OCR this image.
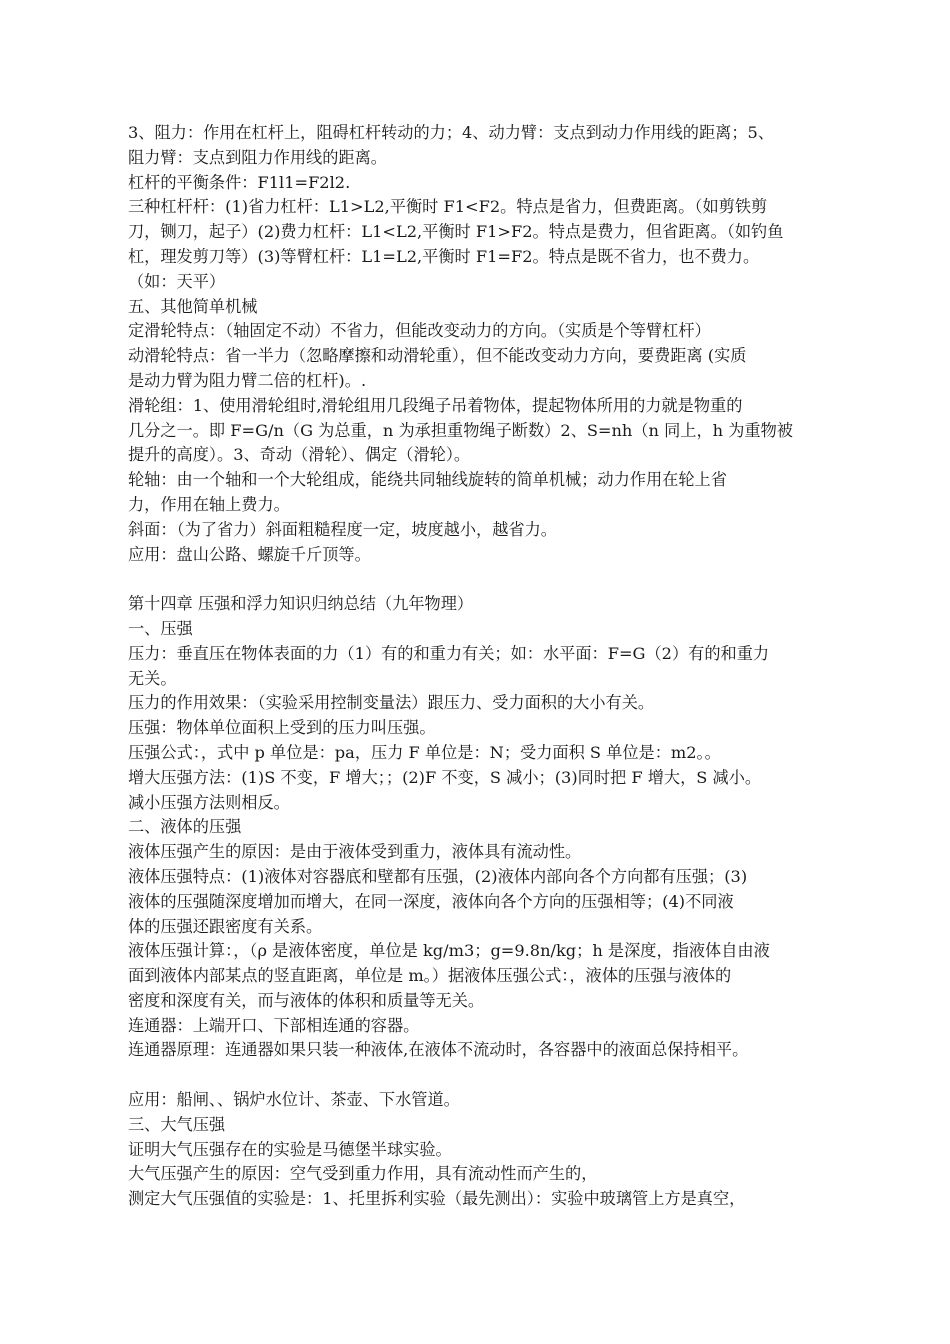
3、阻力：作用在杠杆上，阻碍杠杆转动的力；4、动力臂：支点到动力作用线的距离；5、
阻力臂：支点到阻力作用线的距离。
杠杆的平衡条件：F1l1=F2l2.
三种杠杆杆：(1)省力杠杆：L1>L2,平衡时 F1<F2。特点是省力，但费距离。（如剪铁剪
刀，铡刀，起子）(2)费力杠杆：L1<L2,平衡时 F1>F2。特点是费力，但省距离。（如钓鱼
杠，理发剪刀等）(3)等臂杠杆：L1=L2,平衡时 F1=F2。特点是既不省力，也不费力。
（如：天平）
五、其他简单机械
定滑轮特点：（轴固定不动）不省力，但能改变动力的方向。（实质是个等臂杠杆）
动滑轮特点：省一半力（忽略摩擦和动滑轮重），但不能改变动力方向，要费距离 (实质
是动力臂为阻力臂二倍的杠杆)。.
滑轮组：1、使用滑轮组时,滑轮组用几段绳子吊着物体，提起物体所用的力就是物重的
几分之一。即 F=G/n（G 为总重，n 为承担重物绳子断数）2、S=nh（n 同上，h 为重物被
提升的高度）。3、奇动（滑轮）、偶定（滑轮）。
轮轴：由一个轴和一个大轮组成，能绕共同轴线旋转的简单机械；动力作用在轮上省
力，作用在轴上费力。
斜面：（为了省力）斜面粗糙程度一定，坡度越小，越省力。
应用：盘山公路、螺旋千斤顶等。
第十四章 压强和浮力知识归纳总结（九年物理）
一、压强
压力：垂直压在物体表面的力（1）有的和重力有关；如：水平面：F=G（2）有的和重力
无关。
压力的作用效果：（实验采用控制变量法）跟压力、受力面积的大小有关。
压强：物体单位面积上受到的压力叫压强。
压强公式：，式中 p 单位是：pa，压力 F 单位是：N；受力面积 S 单位是：m2。。
增大压强方法：(1)S 不变，F 增大；；(2)F 不变，S 减小；(3)同时把 F 增大，S 减小。
减小压强方法则相反。
二、液体的压强
液体压强产生的原因：是由于液体受到重力，液体具有流动性。
液体压强特点：(1)液体对容器底和壁都有压强，(2)液体内部向各个方向都有压强；(3)
液体的压强随深度增加而增大，在同一深度，液体向各个方向的压强相等；(4)不同液
体的压强还跟密度有关系。
液体压强计算：，（ρ 是液体密度，单位是 kg/m3；g=9.8n/kg；h 是深度，指液体自由液
面到液体内部某点的竖直距离，单位是 m。）据液体压强公式：，液体的压强与液体的
密度和深度有关，而与液体的体积和质量等无关。
连通器：上端开口、下部相连通的容器。
连通器原理：连通器如果只装一种液体,在液体不流动时，各容器中的液面总保持相平。
应用：船闸、、锅炉水位计、茶壶、下水管道。
三、大气压强
证明大气压强存在的实验是马德堡半球实验。
大气压强产生的原因：空气受到重力作用，具有流动性而产生的，
测定大气压强值的实验是：1、托里拆利实验（最先测出）：实验中玻璃管上方是真空，
